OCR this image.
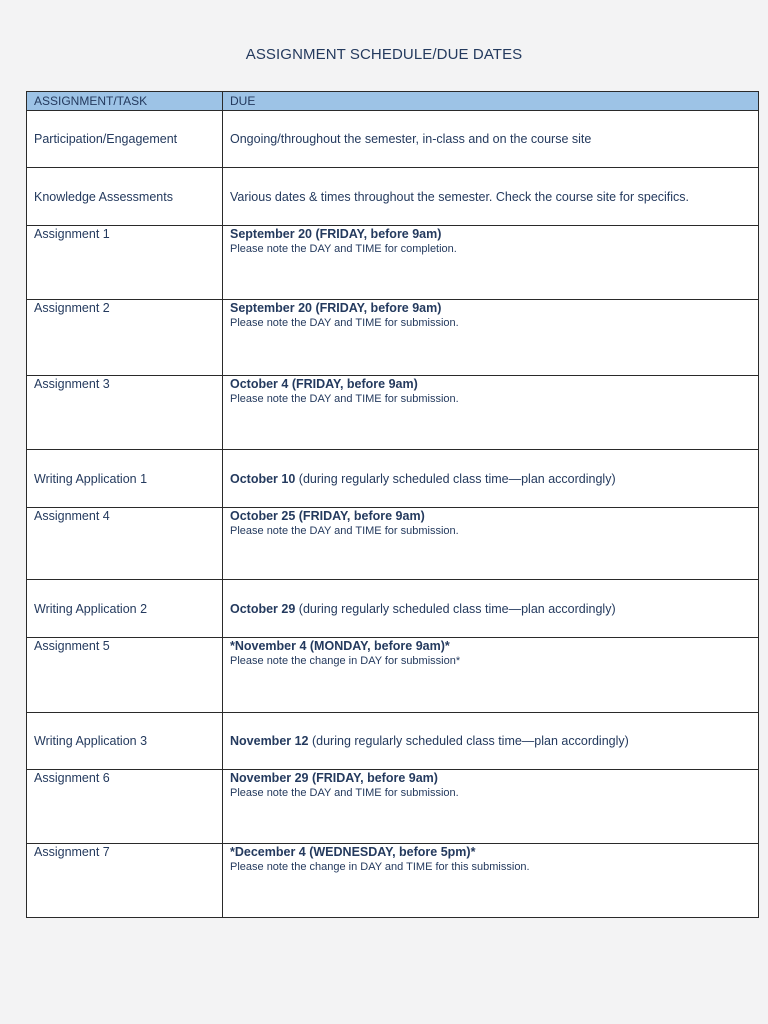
ASSIGNMENT SCHEDULE/DUE DATES
ASSIGNMENT/TASK	DUE

Participation/Engagement	Ongoing/throughout the semester, in-class and on the course site

Knowledge Assessments	Various dates & times throughout the semester. Check the course site for specifics.

Assignment 1	September 20 (FRIDAY, before 9am)
Please note the DAY and TIME for completion.

Assignment 2	September 20 (FRIDAY, before 9am)
Please note the DAY and TIME for submission.

Assignment 3	October 4 (FRIDAY, before 9am)
Please note the DAY and TIME for submission.

Writing Application 1	October 10 (during regularly scheduled class time—plan accordingly)

Assignment 4	October 25 (FRIDAY, before 9am)
Please note the DAY and TIME for submission.

Writing Application 2	October 29 (during regularly scheduled class time—plan accordingly)

Assignment 5	*November 4 (MONDAY, before 9am)*
Please note the change in DAY for submission*

Writing Application 3	November 12 (during regularly scheduled class time—plan accordingly)

Assignment 6	November 29 (FRIDAY, before 9am)
Please note the DAY and TIME for submission.

Assignment 7	*December 4 (WEDNESDAY, before 5pm)*
Please note the change in DAY and TIME for this submission.
